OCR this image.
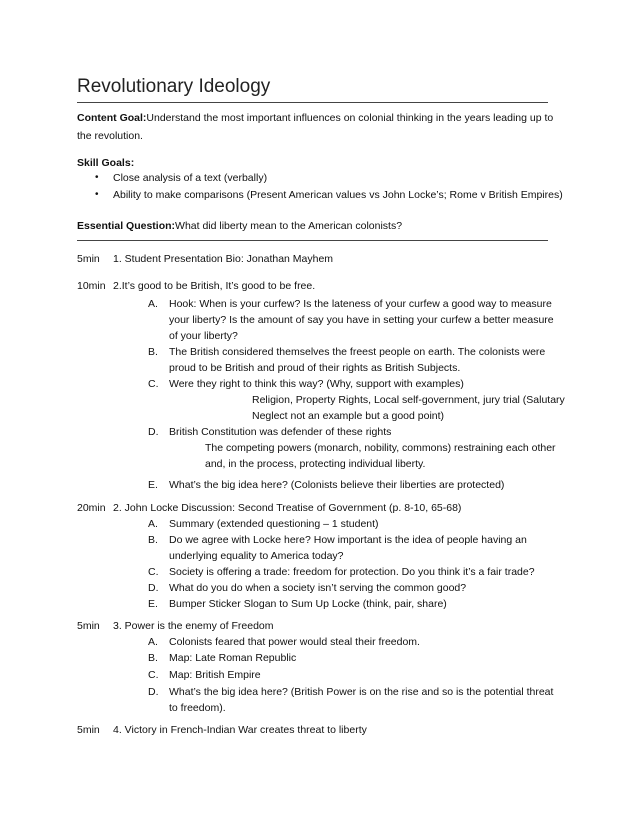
Revolutionary Ideology
Content Goal:Understand the most important influences on colonial thinking in the years leading up to
the revolution.
Skill Goals:
• Close analysis of a text (verbally)
• Ability to make comparisons (Present American values vs John Locke’s; Rome v British Empires)
Essential Question:What did liberty mean to the American colonists?
5min 1. Student Presentation Bio: Jonathan Mayhem
10min 2.It’s good to be British, It’s good to be free.
A. Hook: When is your curfew? Is the lateness of your curfew a good way to measure
your liberty? Is the amount of say you have in setting your curfew a better measure
of your liberty?
B. The British considered themselves the freest people on earth. The colonists were
proud to be British and proud of their rights as British Subjects.
C. Were they right to think this way? (Why, support with examples)
Religion, Property Rights, Local self-government, jury trial (Salutary
Neglect not an example but a good point)
D. British Constitution was defender of these rights
The competing powers (monarch, nobility, commons) restraining each other
and, in the process, protecting individual liberty.
E. What’s the big idea here? (Colonists believe their liberties are protected)
20min 2. John Locke Discussion: Second Treatise of Government (p. 8-10, 65-68)
A. Summary (extended questioning – 1 student)
B. Do we agree with Locke here? How important is the idea of people having an
underlying equality to America today?
C. Society is offering a trade: freedom for protection. Do you think it’s a fair trade?
D. What do you do when a society isn’t serving the common good?
E. Bumper Sticker Slogan to Sum Up Locke (think, pair, share)
5min 3. Power is the enemy of Freedom
A. Colonists feared that power would steal their freedom.
B. Map: Late Roman Republic
C. Map: British Empire
D. What’s the big idea here? (British Power is on the rise and so is the potential threat
to freedom).
5min 4. Victory in French-Indian War creates threat to liberty
